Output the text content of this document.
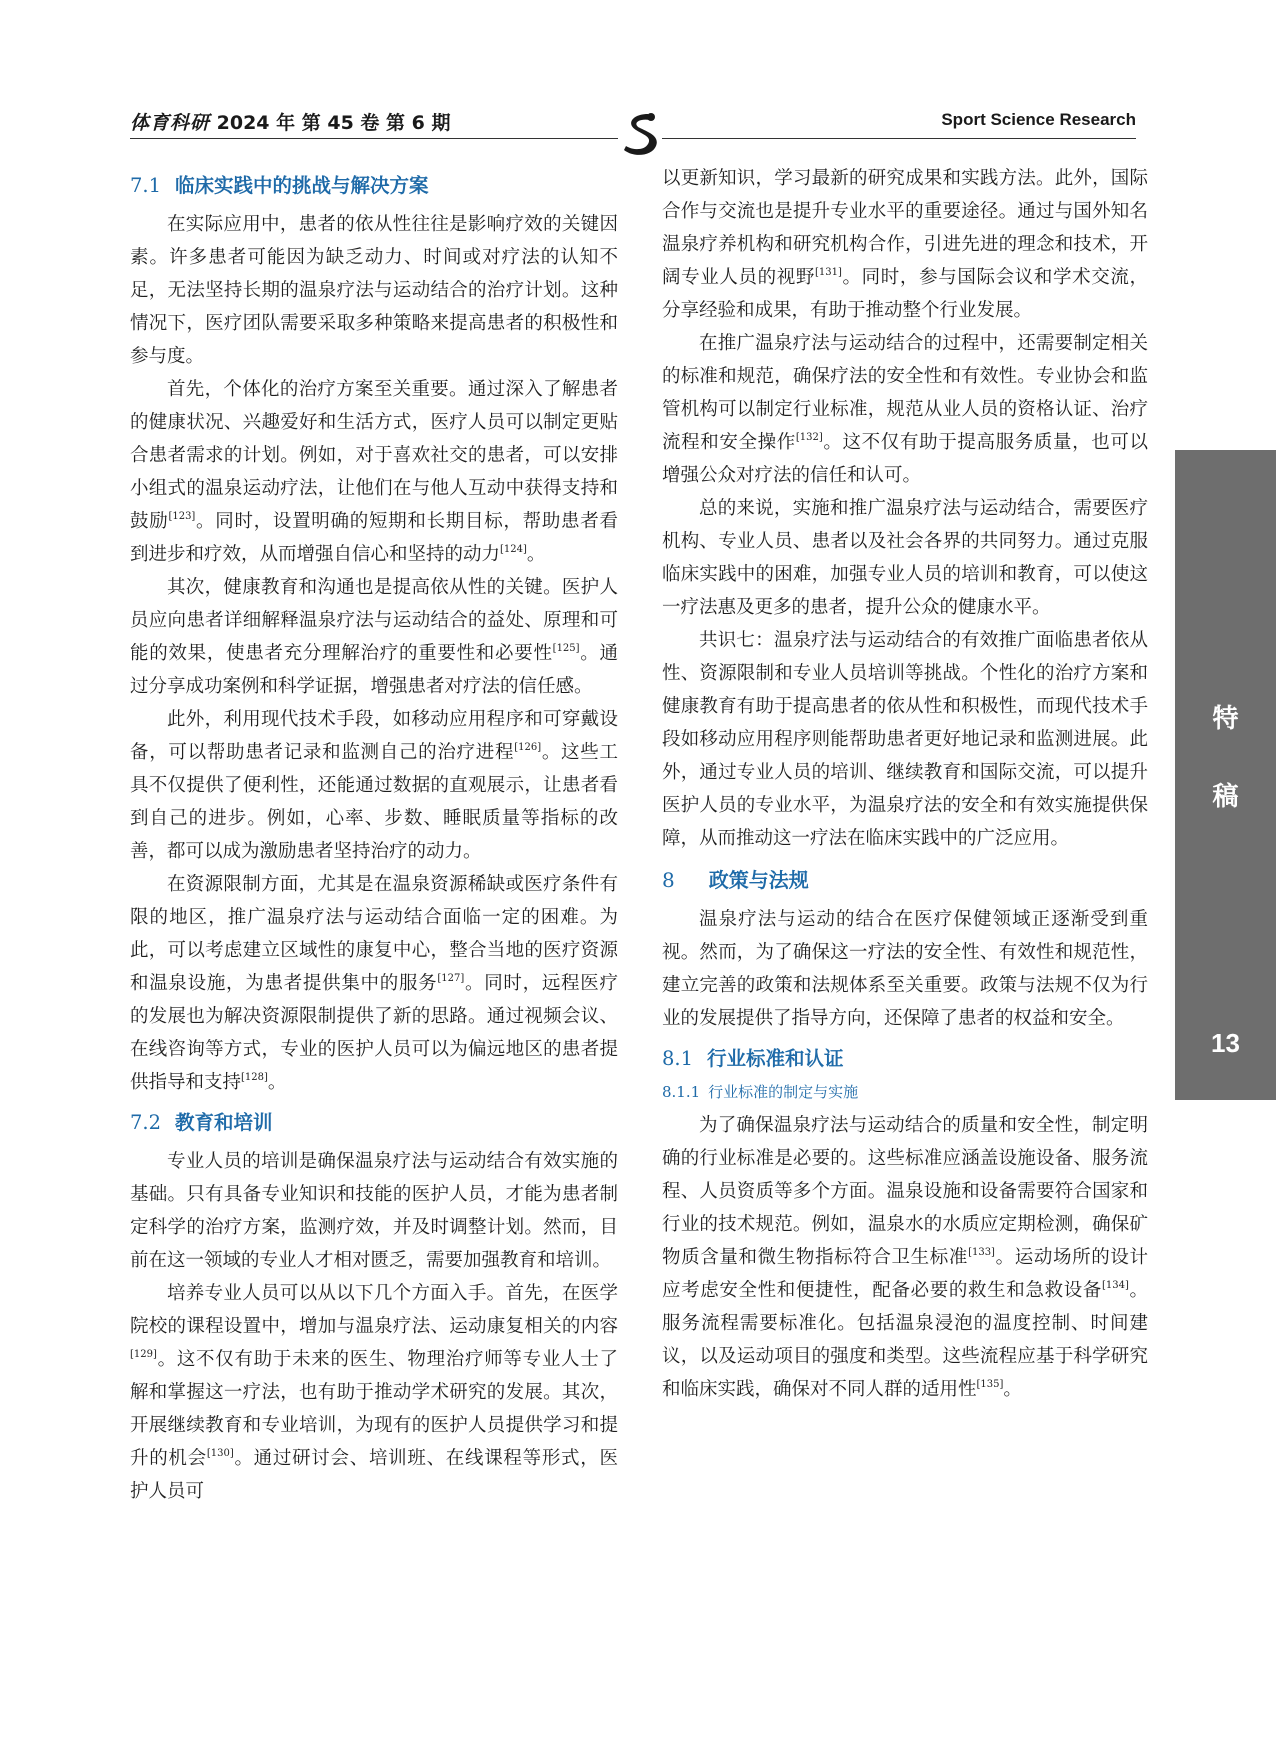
体育科研 2024 年 第 45 卷 第 6 期	Sport Science Research
7.1 临床实践中的挑战与解决方案

在实际应用中，患者的依从性往往是影响疗效的关键因素。许多患者可能因为缺乏动力、时间或对疗法的认知不足，无法坚持长期的温泉疗法与运动结合的治疗计划。这种情况下，医疗团队需要采取多种策略来提高患者的积极性和参与度。

首先，个体化的治疗方案至关重要。通过深入了解患者的健康状况、兴趣爱好和生活方式，医疗人员可以制定更贴合患者需求的计划。例如，对于喜欢社交的患者，可以安排小组式的温泉运动疗法，让他们在与他人互动中获得支持和鼓励[123]。同时，设置明确的短期和长期目标，帮助患者看到进步和疗效，从而增强自信心和坚持的动力[124]。

其次，健康教育和沟通也是提高依从性的关键。医护人员应向患者详细解释温泉疗法与运动结合的益处、原理和可能的效果，使患者充分理解治疗的重要性和必要性[125]。通过分享成功案例和科学证据，增强患者对疗法的信任感。

此外，利用现代技术手段，如移动应用程序和可穿戴设备，可以帮助患者记录和监测自己的治疗进程[126]。这些工具不仅提供了便利性，还能通过数据的直观展示，让患者看到自己的进步。例如，心率、步数、睡眠质量等指标的改善，都可以成为激励患者坚持治疗的动力。

在资源限制方面，尤其是在温泉资源稀缺或医疗条件有限的地区，推广温泉疗法与运动结合面临一定的困难。为此，可以考虑建立区域性的康复中心，整合当地的医疗资源和温泉设施，为患者提供集中的服务[127]。同时，远程医疗的发展也为解决资源限制提供了新的思路。通过视频会议、在线咨询等方式，专业的医护人员可以为偏远地区的患者提供指导和支持[128]。

7.2 教育和培训

专业人员的培训是确保温泉疗法与运动结合有效实施的基础。只有具备专业知识和技能的医护人员，才能为患者制定科学的治疗方案，监测疗效，并及时调整计划。然而，目前在这一领域的专业人才相对匮乏，需要加强教育和培训。

培养专业人员可以从以下几个方面入手。首先，在医学院校的课程设置中，增加与温泉疗法、运动康复相关的内容[129]。这不仅有助于未来的医生、物理治疗师等专业人士了解和掌握这一疗法，也有助于推动学术研究的发展。其次，开展继续教育和专业培训，为现有的医护人员提供学习和提升的机会[130]。通过研讨会、培训班、在线课程等形式，医护人员可

以更新知识，学习最新的研究成果和实践方法。此外，国际合作与交流也是提升专业水平的重要途径。通过与国外知名温泉疗养机构和研究机构合作，引进先进的理念和技术，开阔专业人员的视野[131]。同时，参与国际会议和学术交流，分享经验和成果，有助于推动整个行业发展。

在推广温泉疗法与运动结合的过程中，还需要制定相关的标准和规范，确保疗法的安全性和有效性。专业协会和监管机构可以制定行业标准，规范从业人员的资格认证、治疗流程和安全操作[132]。这不仅有助于提高服务质量，也可以增强公众对疗法的信任和认可。

总的来说，实施和推广温泉疗法与运动结合，需要医疗机构、专业人员、患者以及社会各界的共同努力。通过克服临床实践中的困难，加强专业人员的培训和教育，可以使这一疗法惠及更多的患者，提升公众的健康水平。

共识七：温泉疗法与运动结合的有效推广面临患者依从性、资源限制和专业人员培训等挑战。个性化的治疗方案和健康教育有助于提高患者的依从性和积极性，而现代技术手段如移动应用程序则能帮助患者更好地记录和监测进展。此外，通过专业人员的培训、继续教育和国际交流，可以提升医护人员的专业水平，为温泉疗法的安全和有效实施提供保障，从而推动这一疗法在临床实践中的广泛应用。

8 政策与法规

温泉疗法与运动的结合在医疗保健领域正逐渐受到重视。然而，为了确保这一疗法的安全性、有效性和规范性，建立完善的政策和法规体系至关重要。政策与法规不仅为行业的发展提供了指导方向，还保障了患者的权益和安全。

8.1 行业标准和认证
8.1.1 行业标准的制定与实施

为了确保温泉疗法与运动结合的质量和安全性，制定明确的行业标准是必要的。这些标准应涵盖设施设备、服务流程、人员资质等多个方面。温泉设施和设备需要符合国家和行业的技术规范。例如，温泉水的水质应定期检测，确保矿物质含量和微生物指标符合卫生标准[133]。运动场所的设计应考虑安全性和便捷性，配备必要的救生和急救设备[134]。服务流程需要标准化。包括温泉浸泡的温度控制、时间建议，以及运动项目的强度和类型。这些流程应基于科学研究和临床实践，确保对不同人群的适用性[135]。

特
稿
13
